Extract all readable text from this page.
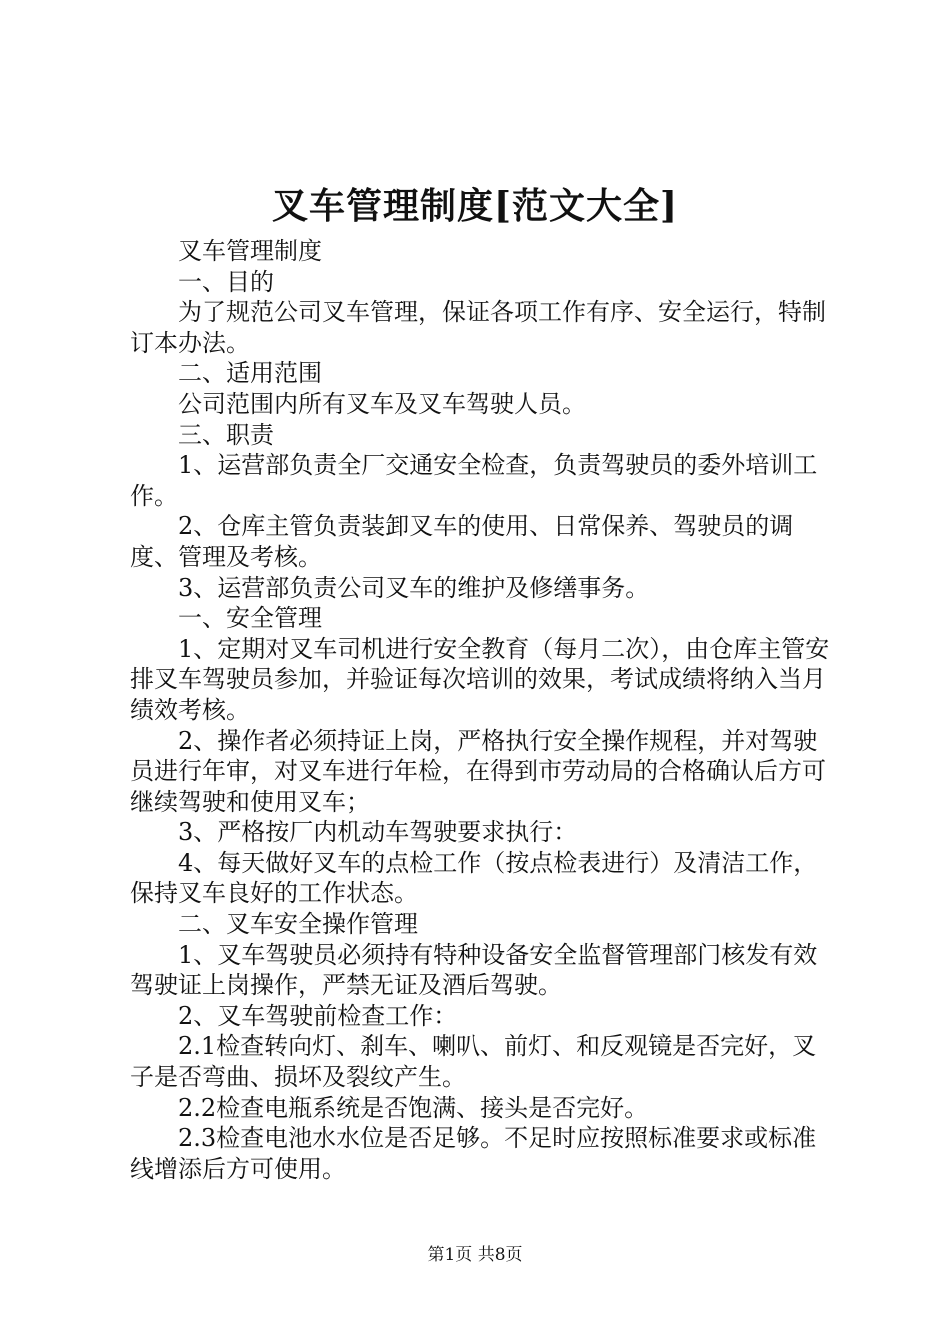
叉车管理制度[范文大全]

叉车管理制度

一、目的

为了规范公司叉车管理，保证各项工作有序、安全运行，特制订本办法。

二、适用范围

公司范围内所有叉车及叉车驾驶人员。

三、职责

1、运营部负责全厂交通安全检查，负责驾驶员的委外培训工作。

2、仓库主管负责装卸叉车的使用、日常保养、驾驶员的调度、管理及考核。

3、运营部负责公司叉车的维护及修缮事务。

一、安全管理

1、定期对叉车司机进行安全教育（每月二次），由仓库主管安排叉车驾驶员参加，并验证每次培训的效果，考试成绩将纳入当月绩效考核。

2、操作者必须持证上岗，严格执行安全操作规程，并对驾驶员进行年审，对叉车进行年检，在得到市劳动局的合格确认后方可继续驾驶和使用叉车；

3、严格按厂内机动车驾驶要求执行：

4、每天做好叉车的点检工作（按点检表进行）及清洁工作，保持叉车良好的工作状态。

二、叉车安全操作管理

1、叉车驾驶员必须持有特种设备安全监督管理部门核发有效驾驶证上岗操作，严禁无证及酒后驾驶。

2、叉车驾驶前检查工作：

2.1检查转向灯、刹车、喇叭、前灯、和反观镜是否完好，叉子是否弯曲、损坏及裂纹产生。

2.2检查电瓶系统是否饱满、接头是否完好。

2.3检查电池水水位是否足够。不足时应按照标准要求或标准线增添后方可使用。

第1页 共8页
